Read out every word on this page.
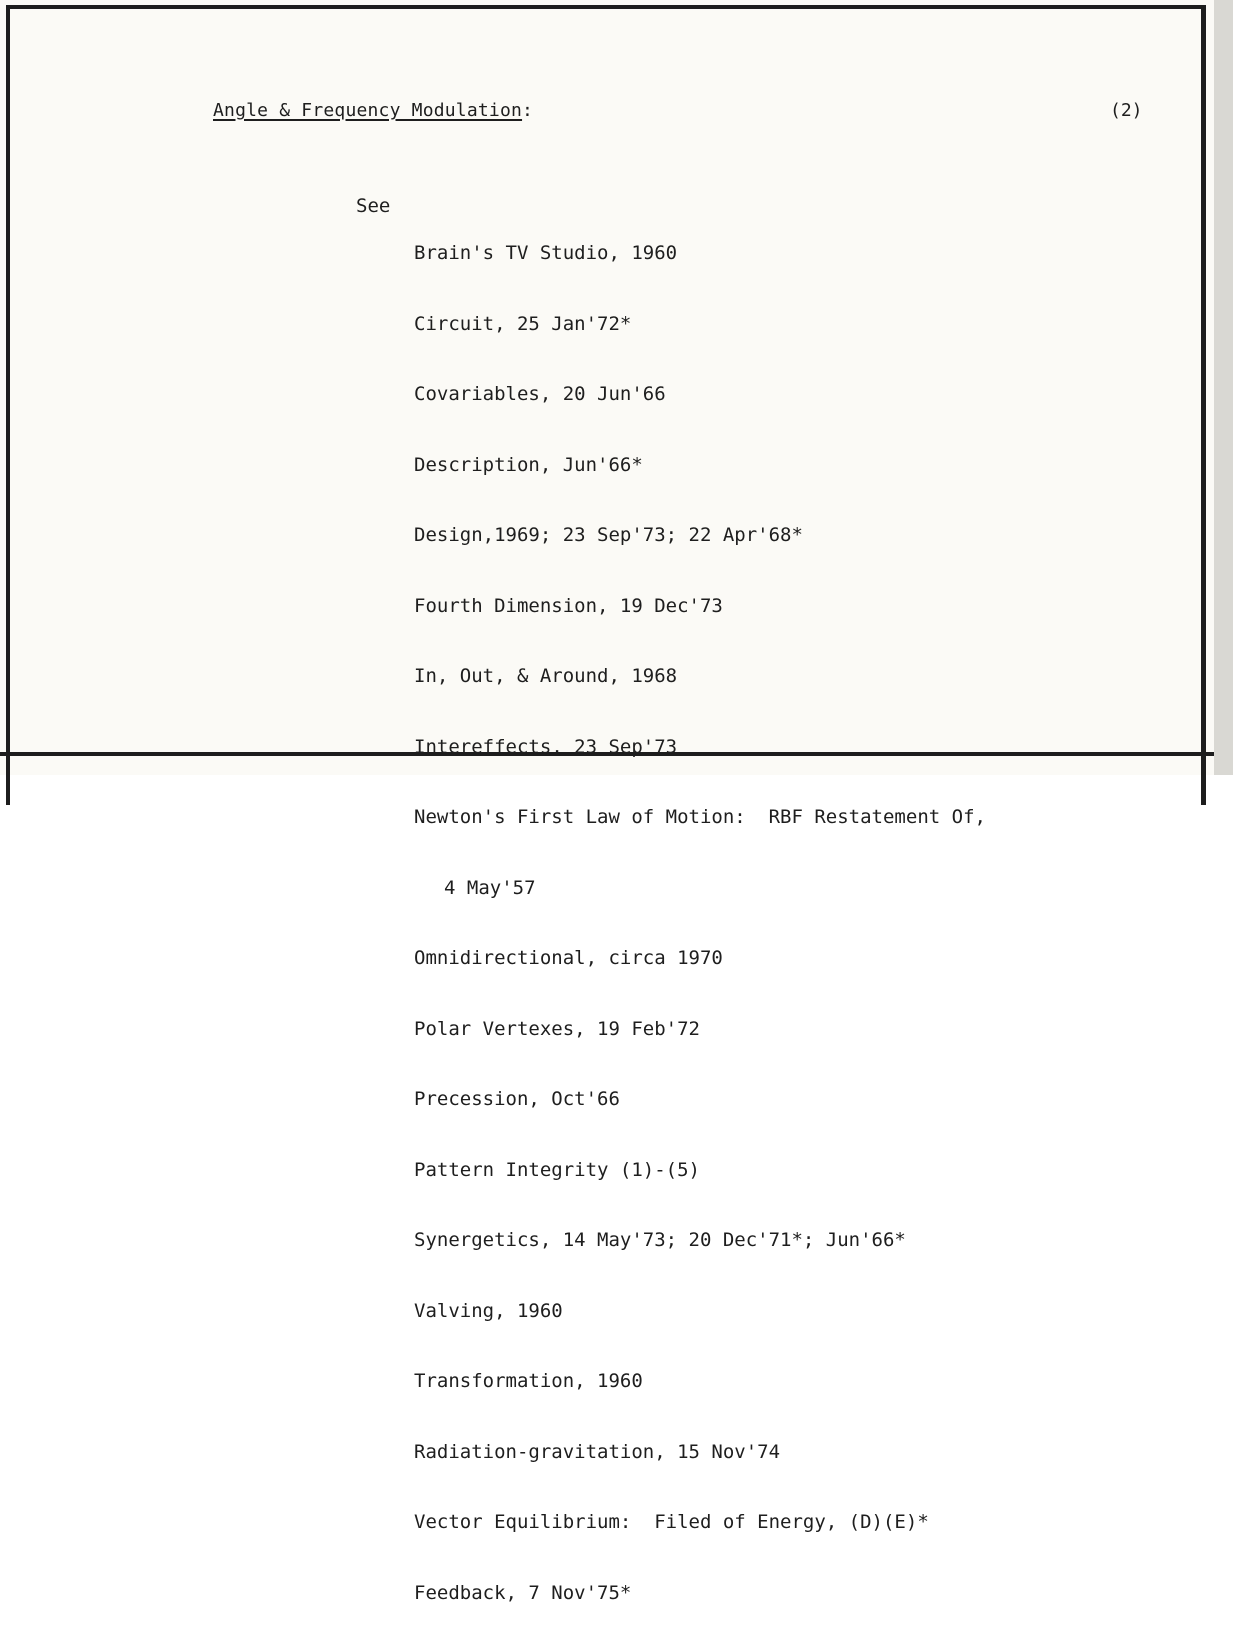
Angle & Frequency Modulation:	(2)
See

Brain's TV Studio, 1960

Circuit, 25 Jan'72*

Covariables, 20 Jun'66

Description, Jun'66*

Design,1969; 23 Sep'73; 22 Apr'68*

Fourth Dimension, 19 Dec'73

In, Out, & Around, 1968

Intereffects, 23 Sep'73

Newton's First Law of Motion:  RBF Restatement Of,

4 May'57

Omnidirectional, circa 1970

Polar Vertexes, 19 Feb'72

Precession, Oct'66

Pattern Integrity (1)-(5)

Synergetics, 14 May'73; 20 Dec'71*; Jun'66*

Valving, 1960

Transformation, 1960

Radiation-gravitation, 15 Nov'74

Vector Equilibrium:  Filed of Energy, (D)(E)*

Feedback, 7 Nov'75*
